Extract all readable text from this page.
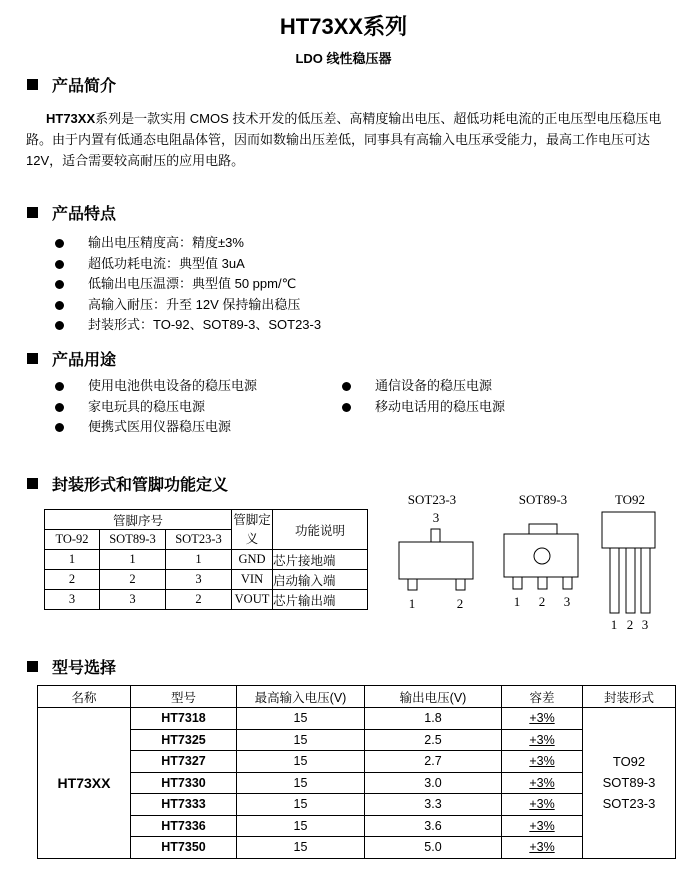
HT73XX系列
LDO 线性稳压器
产品简介
HT73XX系列是一款实用 CMOS 技术开发的低压差、高精度输出电压、超低功耗电流的正电压型电压稳压电路。由于内置有低通态电阻晶体管，因而如数输出压差低，同事具有高输入电压承受能力，最高工作电压可达 12V，适合需要较高耐压的应用电路。
产品特点
输出电压精度高：精度±3%
超低功耗电流：典型值 3uA
低输出电压温漂：典型值 50 ppm/℃
高输入耐压：升至 12V 保持输出稳压
封装形式：TO-92、SOT89-3、SOT23-3
产品用途
使用电池供电设备的稳压电源
家电玩具的稳压电源
便携式医用仪器稳压电源
通信设备的稳压电源
移动电话用的稳压电源
封装形式和管脚功能定义
管脚序号			管脚定义	功能说明
TO-92	SOT89-3	SOT23-3		
1	1	1	GND	芯片接地端
2	2	3	VIN	启动输入端
3	3	2	VOUT	芯片输出端
SOT23-3
3
1	2
SOT89-3
1 2 3
TO92
1 2 3
型号选择
名称	型号	最高输入电压(V)	输出电压(V)	容差	封装形式
HT73XX	HT7318	15	1.8	+3%	TO92
SOT89-3
SOT23-3

	HT7325	15	2.5	+3%	
	HT7327	15	2.7	+3%	
	HT7330	15	3.0	+3%	
	HT7333	15	3.3	+3%	
	HT7336	15	3.6	+3%	
	HT7350	15	5.0	+3%	
